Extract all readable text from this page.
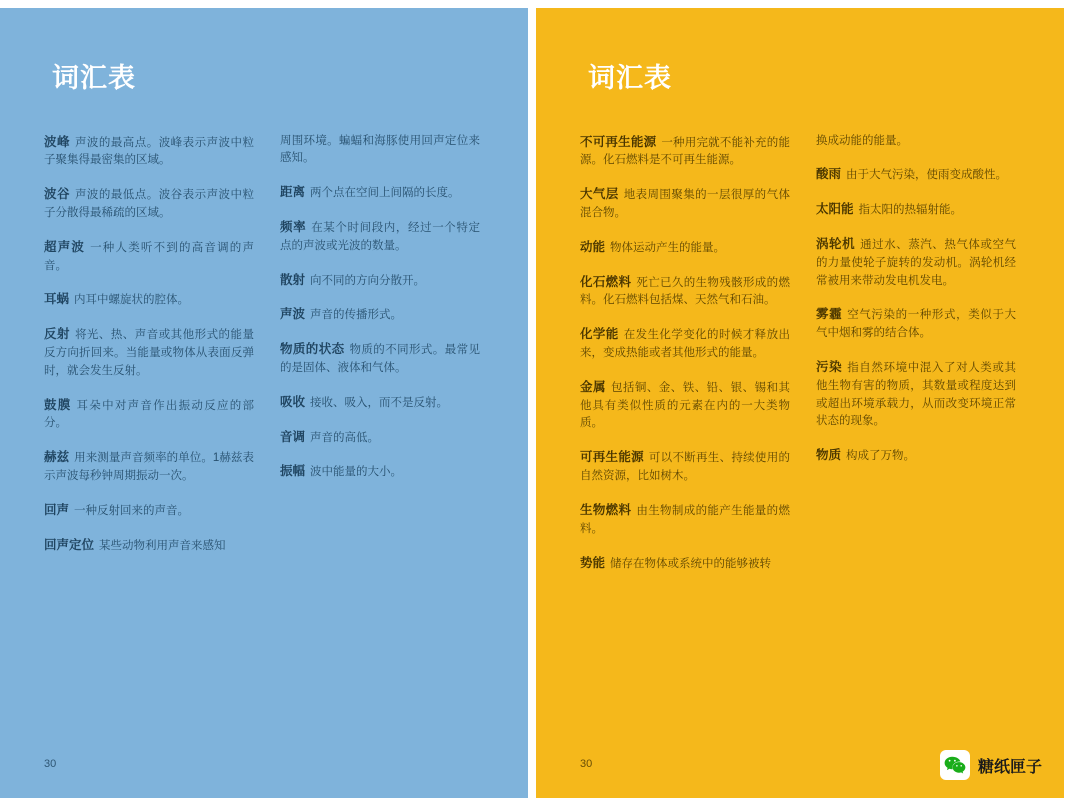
词汇表

波峰 声波的最高点。波峰表示声波中粒子聚集得最密集的区域。

波谷 声波的最低点。波谷表示声波中粒子分散得最稀疏的区域。

超声波 一种人类听不到的高音调的声音。

耳蜗 内耳中螺旋状的腔体。

反射 将光、热、声音或其他形式的能量反方向折回来。当能量或物体从表面反弹时，就会发生反射。

鼓膜 耳朵中对声音作出振动反应的部分。

赫兹 用来测量声音频率的单位。1赫兹表示声波每秒钟周期振动一次。

回声 一种反射回来的声音。

回声定位 某些动物利用声音来感知

周围环境。蝙蝠和海豚使用回声定位来感知。

距离 两个点在空间上间隔的长度。

频率 在某个时间段内，经过一个特定点的声波或光波的数量。

散射 向不同的方向分散开。

声波 声音的传播形式。

物质的状态 物质的不同形式。最常见的是固体、液体和气体。

吸收 接收、吸入，而不是反射。

音调 声音的高低。

振幅 波中能量的大小。

30
词汇表

不可再生能源 一种用完就不能补充的能源。化石燃料是不可再生能源。

大气层 地表周围聚集的一层很厚的气体混合物。

动能 物体运动产生的能量。

化石燃料 死亡已久的生物残骸形成的燃料。化石燃料包括煤、天然气和石油。

化学能 在发生化学变化的时候才释放出来，变成热能或者其他形式的能量。

金属 包括铜、金、铁、铅、银、锡和其他具有类似性质的元素在内的一大类物质。

可再生能源 可以不断再生、持续使用的自然资源，比如树木。

生物燃料 由生物制成的能产生能量的燃料。

势能 储存在物体或系统中的能够被转

换成动能的能量。

酸雨 由于大气污染，使雨变成酸性。

太阳能 指太阳的热辐射能。

涡轮机 通过水、蒸汽、热气体或空气的力量使轮子旋转的发动机。涡轮机经常被用来带动发电机发电。

雾霾 空气污染的一种形式，类似于大气中烟和雾的结合体。

污染 指自然环境中混入了对人类或其他生物有害的物质，其数量或程度达到或超出环境承载力，从而改变环境正常状态的现象。

物质 构成了万物。

30	糖纸匣子
